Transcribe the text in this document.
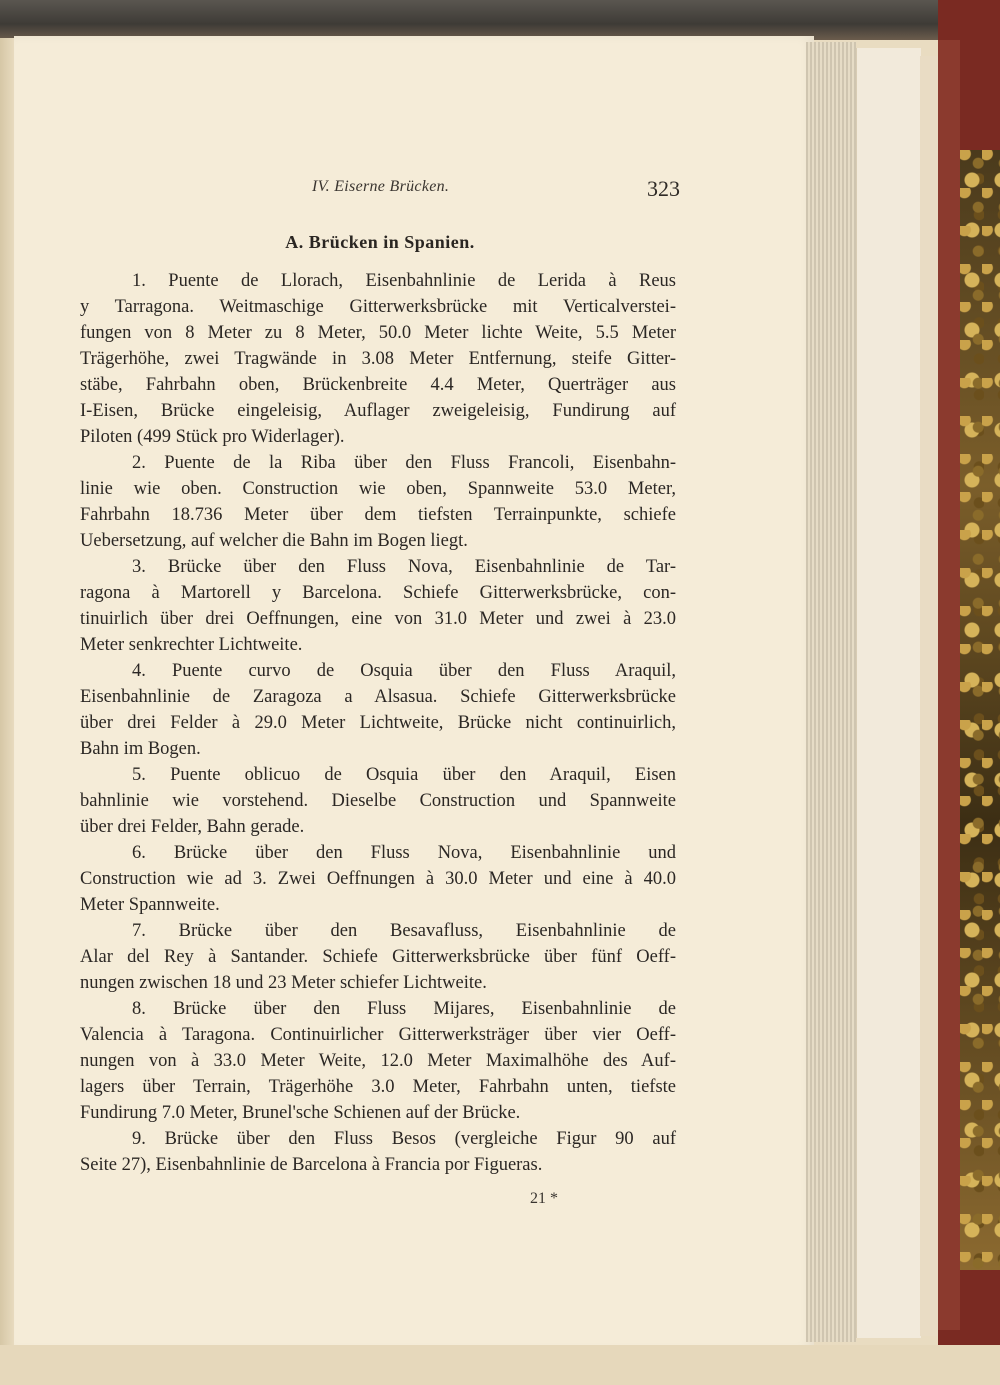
IV. Eiserne Brücken.	323
A. Brücken in Spanien.
1. Puente de Llorach, Eisenbahnlinie de Lerida à Reus
y Tarragona. Weitmaschige Gitterwerksbrücke mit Verticalverstei-
fungen von 8 Meter zu 8 Meter, 50.0 Meter lichte Weite, 5.5 Meter
Trägerhöhe, zwei Tragwände in 3.08 Meter Entfernung, steife Gitter-
stäbe, Fahrbahn oben, Brückenbreite 4.4 Meter, Querträger aus
I-Eisen, Brücke eingeleisig, Auflager zweigeleisig, Fundirung auf
Piloten (499 Stück pro Widerlager).
2. Puente de la Riba über den Fluss Francoli, Eisenbahn-
linie wie oben. Construction wie oben, Spannweite 53.0 Meter,
Fahrbahn 18.736 Meter über dem tiefsten Terrainpunkte, schiefe
Uebersetzung, auf welcher die Bahn im Bogen liegt.
3. Brücke über den Fluss Nova, Eisenbahnlinie de Tar-
ragona à Martorell y Barcelona. Schiefe Gitterwerksbrücke, con-
tinuirlich über drei Oeffnungen, eine von 31.0 Meter und zwei à 23.0
Meter senkrechter Lichtweite.
4. Puente curvo de Osquia über den Fluss Araquil,
Eisenbahnlinie de Zaragoza a Alsasua. Schiefe Gitterwerksbrücke
über drei Felder à 29.0 Meter Lichtweite, Brücke nicht continuirlich,
Bahn im Bogen.
5. Puente oblicuo de Osquia über den Araquil, Eisen
bahnlinie wie vorstehend. Dieselbe Construction und Spannweite
über drei Felder, Bahn gerade.
6. Brücke über den Fluss Nova, Eisenbahnlinie und
Construction wie ad 3. Zwei Oeffnungen à 30.0 Meter und eine à 40.0
Meter Spannweite.
7. Brücke über den Besavafluss, Eisenbahnlinie de
Alar del Rey à Santander. Schiefe Gitterwerksbrücke über fünf Oeff-
nungen zwischen 18 und 23 Meter schiefer Lichtweite.
8. Brücke über den Fluss Mijares, Eisenbahnlinie de
Valencia à Taragona. Continuirlicher Gitterwerksträger über vier Oeff-
nungen von à 33.0 Meter Weite, 12.0 Meter Maximalhöhe des Auf-
lagers über Terrain, Trägerhöhe 3.0 Meter, Fahrbahn unten, tiefste
Fundirung 7.0 Meter, Brunel'sche Schienen auf der Brücke.
9. Brücke über den Fluss Besos (vergleiche Figur 90 auf
Seite 27), Eisenbahnlinie de Barcelona à Francia por Figueras.
21 *
